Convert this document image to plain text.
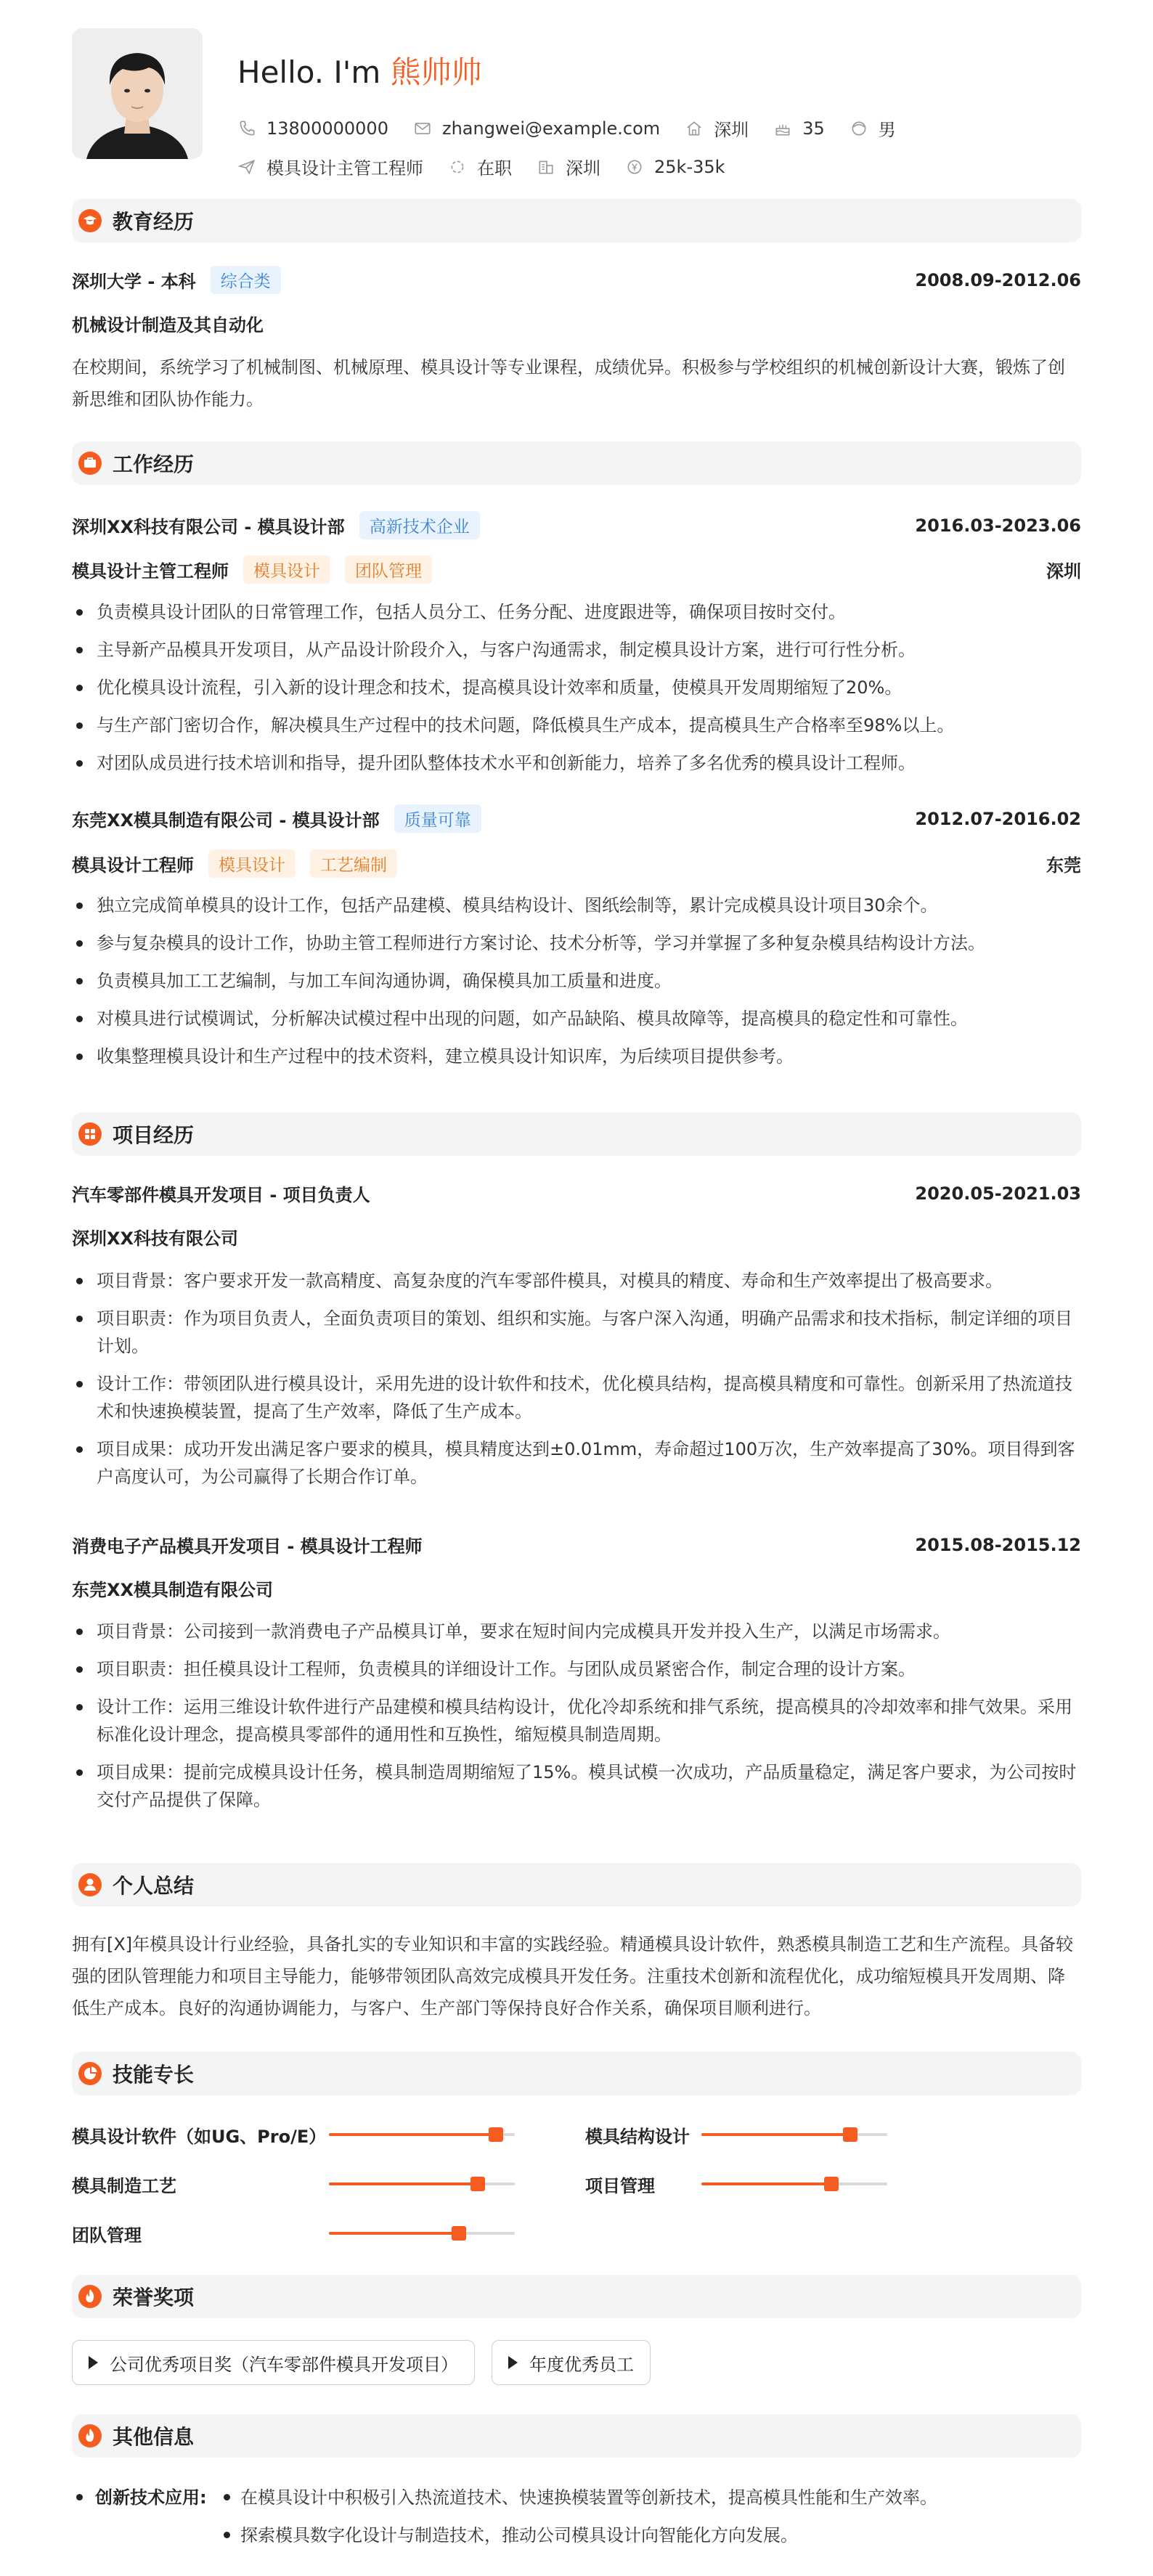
Hello. I'm 熊帅帅
13800000000	zhangwei@example.com	深圳	35	男
模具设计主管工程师	在职	深圳	25k-35k
教育经历
深圳大学 - 本科	综合类	2008.09-2012.06
机械设计制造及其自动化
在校期间，系统学习了机械制图、机械原理、模具设计等专业课程，成绩优异。积极参与学校组织的机械创新设计大赛，锻炼了创新思维和团队协作能力。
工作经历
深圳XX科技有限公司 - 模具设计部	高新技术企业	2016.03-2023.06
模具设计主管工程师	模具设计	团队管理	深圳
负责模具设计团队的日常管理工作，包括人员分工、任务分配、进度跟进等，确保项目按时交付。
主导新产品模具开发项目，从产品设计阶段介入，与客户沟通需求，制定模具设计方案，进行可行性分析。
优化模具设计流程，引入新的设计理念和技术，提高模具设计效率和质量，使模具开发周期缩短了20%。
与生产部门密切合作，解决模具生产过程中的技术问题，降低模具生产成本，提高模具生产合格率至98%以上。
对团队成员进行技术培训和指导，提升团队整体技术水平和创新能力，培养了多名优秀的模具设计工程师。
东莞XX模具制造有限公司 - 模具设计部	质量可靠	2012.07-2016.02
模具设计工程师	模具设计	工艺编制	东莞
独立完成简单模具的设计工作，包括产品建模、模具结构设计、图纸绘制等，累计完成模具设计项目30余个。
参与复杂模具的设计工作，协助主管工程师进行方案讨论、技术分析等，学习并掌握了多种复杂模具结构设计方法。
负责模具加工工艺编制，与加工车间沟通协调，确保模具加工质量和进度。
对模具进行试模调试，分析解决试模过程中出现的问题，如产品缺陷、模具故障等，提高模具的稳定性和可靠性。
收集整理模具设计和生产过程中的技术资料，建立模具设计知识库，为后续项目提供参考。
项目经历
汽车零部件模具开发项目 - 项目负责人	2020.05-2021.03
深圳XX科技有限公司
项目背景：客户要求开发一款高精度、高复杂度的汽车零部件模具，对模具的精度、寿命和生产效率提出了极高要求。
项目职责：作为项目负责人，全面负责项目的策划、组织和实施。与客户深入沟通，明确产品需求和技术指标，制定详细的项目计划。
设计工作：带领团队进行模具设计，采用先进的设计软件和技术，优化模具结构，提高模具精度和可靠性。创新采用了热流道技术和快速换模装置，提高了生产效率，降低了生产成本。
项目成果：成功开发出满足客户要求的模具，模具精度达到±0.01mm，寿命超过100万次，生产效率提高了30%。项目得到客户高度认可，为公司赢得了长期合作订单。
消费电子产品模具开发项目 - 模具设计工程师	2015.08-2015.12
东莞XX模具制造有限公司
项目背景：公司接到一款消费电子产品模具订单，要求在短时间内完成模具开发并投入生产，以满足市场需求。
项目职责：担任模具设计工程师，负责模具的详细设计工作。与团队成员紧密合作，制定合理的设计方案。
设计工作：运用三维设计软件进行产品建模和模具结构设计，优化冷却系统和排气系统，提高模具的冷却效率和排气效果。采用标准化设计理念，提高模具零部件的通用性和互换性，缩短模具制造周期。
项目成果：提前完成模具设计任务，模具制造周期缩短了15%。模具试模一次成功，产品质量稳定，满足客户要求，为公司按时交付产品提供了保障。
个人总结
拥有[X]年模具设计行业经验，具备扎实的专业知识和丰富的实践经验。精通模具设计软件，熟悉模具制造工艺和生产流程。具备较强的团队管理能力和项目主导能力，能够带领团队高效完成模具开发任务。注重技术创新和流程优化，成功缩短模具开发周期、降低生产成本。良好的沟通协调能力，与客户、生产部门等保持良好合作关系，确保项目顺利进行。
技能专长
模具设计软件（如UG、Pro/E）	模具结构设计
模具制造工艺	项目管理
团队管理
荣誉奖项
公司优秀项目奖（汽车零部件模具开发项目）	年度优秀员工
其他信息
创新技术应用: 在模具设计中积极引入热流道技术、快速换模装置等创新技术，提高模具性能和生产效率。
探索模具数字化设计与制造技术，推动公司模具设计向智能化方向发展。
